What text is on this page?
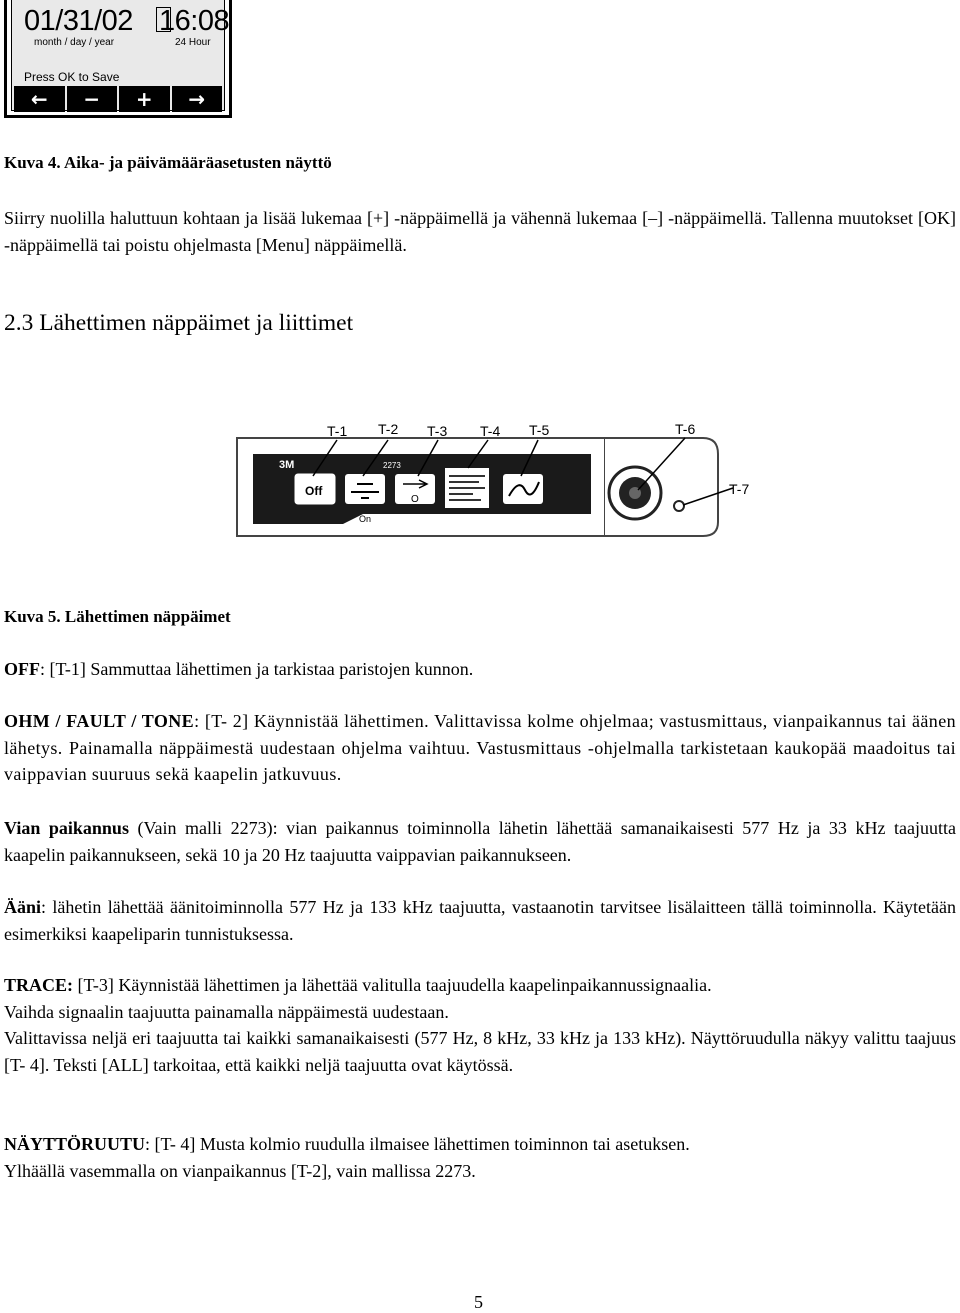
01/31/02 16:08
month / day / year	24 Hour
Press OK to Save
←	−	+	→

Kuva 4. Aika- ja päivämääräasetusten näyttö

Siirry nuolilla haluttuun kohtaan ja lisää lukemaa [+] -näppäimellä ja vähennä lukemaa [–] -näppäimellä. Tallenna muutokset [OK] -näppäimellä tai poistu ohjelmasta [Menu] näppäimellä.

2.3 Lähettimen näppäimet ja liittimet

3M	2273
Off
O
On	Ω V	Output Level
T-1 T-2 T-3 T-4 T-5	T-6
T-7

Kuva 5. Lähettimen näppäimet

OFF: [T-1] Sammuttaa lähettimen ja tarkistaa paristojen kunnon.

OHM / FAULT / TONE: [T- 2] Käynnistää lähettimen. Valittavissa kolme ohjelmaa; vastusmittaus, vianpaikannus tai äänen lähetys. Painamalla näppäimestä uudestaan ohjelma vaihtuu. Vastusmittaus -ohjelmalla tarkistetaan kaukopää maadoitus tai vaippavian suuruus sekä kaapelin jatkuvuus.

Vian paikannus (Vain malli 2273): vian paikannus toiminnolla lähetin lähettää samanaikaisesti 577 Hz ja 33 kHz taajuutta kaapelin paikannukseen, sekä 10 ja 20 Hz taajuutta vaippavian paikannukseen.

Ääni: lähetin lähettää äänitoiminnolla 577 Hz ja 133 kHz taajuutta, vastaanotin tarvitsee lisälaitteen tällä toiminnolla. Käytetään esimerkiksi kaapeliparin tunnistuksessa.

TRACE: [T-3] Käynnistää lähettimen ja lähettää valitulla taajuudella kaapelinpaikannussignaalia.

Vaihda signaalin taajuutta painamalla näppäimestä uudestaan.

Valittavissa neljä eri taajuutta tai kaikki samanaikaisesti (577 Hz, 8 kHz, 33 kHz ja 133 kHz). Näyttöruudulla näkyy valittu taajuus [T- 4]. Teksti [ALL] tarkoitaa, että kaikki neljä taajuutta ovat käytössä.

NÄYTTÖRUUTU: [T- 4] Musta kolmio ruudulla ilmaisee lähettimen toiminnon tai asetuksen.

Ylhäällä vasemmalla on vianpaikannus [T-2], vain mallissa 2273.

5
